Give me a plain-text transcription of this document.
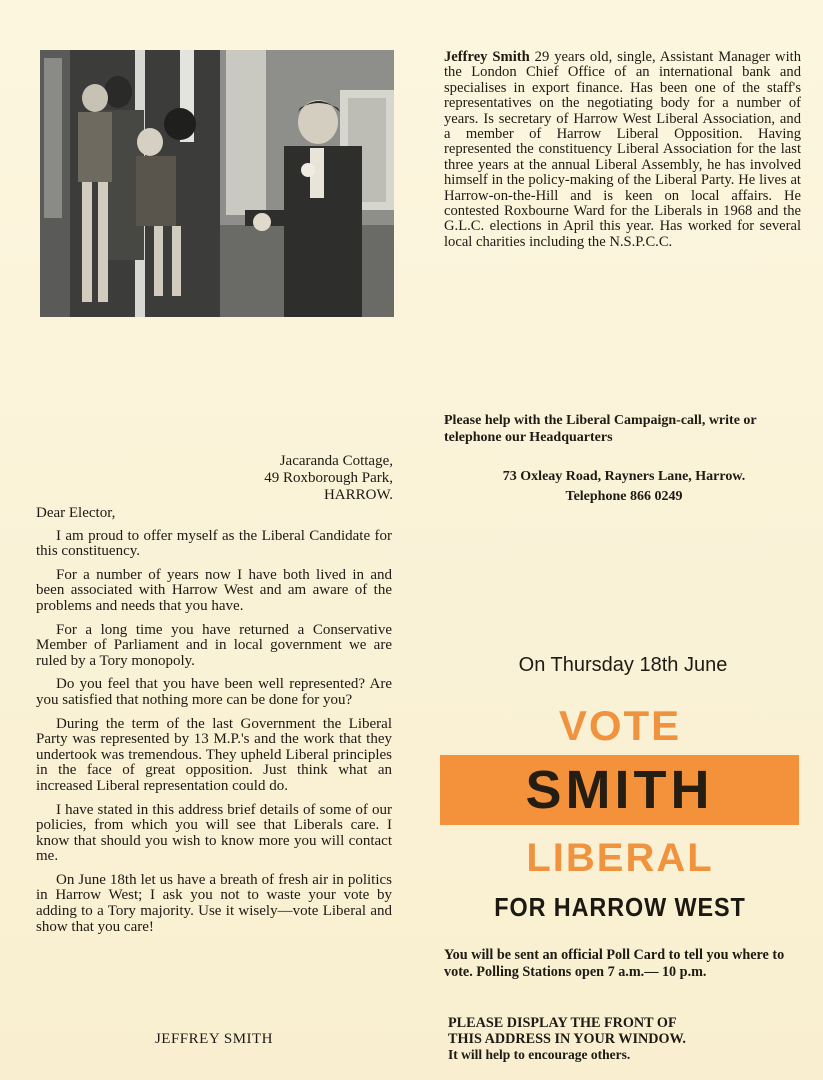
Jeffrey Smith 29 years old, single, Assistant Manager with the London Chief Office of an international bank and specialises in export finance. Has been one of the staff's representatives on the negotiating body for a number of years. Is secretary of Harrow West Liberal Association, and a member of Harrow Liberal Opposition. Having represented the constituency Liberal Association for the last three years at the annual Liberal Assembly, he has involved himself in the policy-making of the Liberal Party. He lives at Harrow-on-the-Hill and is keen on local affairs. He contested Roxbourne Ward for the Liberals in 1968 and the G.L.C. elections in April this year. Has worked for several local charities including the N.S.P.C.C.
Please help with the Liberal Campaign-call, write or telephone our Headquarters
73 Oxleay Road, Rayners Lane, Harrow.
Telephone 866 0249
Jacaranda Cottage,
49 Roxborough Park,
HARROW.

Dear Elector,

I am proud to offer myself as the Liberal Candidate for this constituency.

For a number of years now I have both lived in and been associated with Harrow West and am aware of the problems and needs that you have.

For a long time you have returned a Conservative Member of Parliament and in local government we are ruled by a Tory monopoly.

Do you feel that you have been well represented? Are you satisfied that nothing more can be done for you?

During the term of the last Government the Liberal Party was represented by 13 M.P.'s and the work that they undertook was tremendous. They upheld Liberal principles in the face of great opposition. Just think what an increased Liberal representation could do.

I have stated in this address brief details of some of our policies, from which you will see that Liberals care. I know that should you wish to know more you will contact me.

On June 18th let us have a breath of fresh air in politics in Harrow West; I ask you not to waste your vote by adding to a Tory majority. Use it wisely—vote Liberal and show that you care!

JEFFREY SMITH
On Thursday 18th June
VOTE
SMITH
LIBERAL
FOR HARROW WEST
You will be sent an official Poll Card to tell you where to vote. Polling Stations open 7 a.m.— 10 p.m.
PLEASE DISPLAY THE FRONT OF
THIS ADDRESS IN YOUR WINDOW.
It will help to encourage others.
